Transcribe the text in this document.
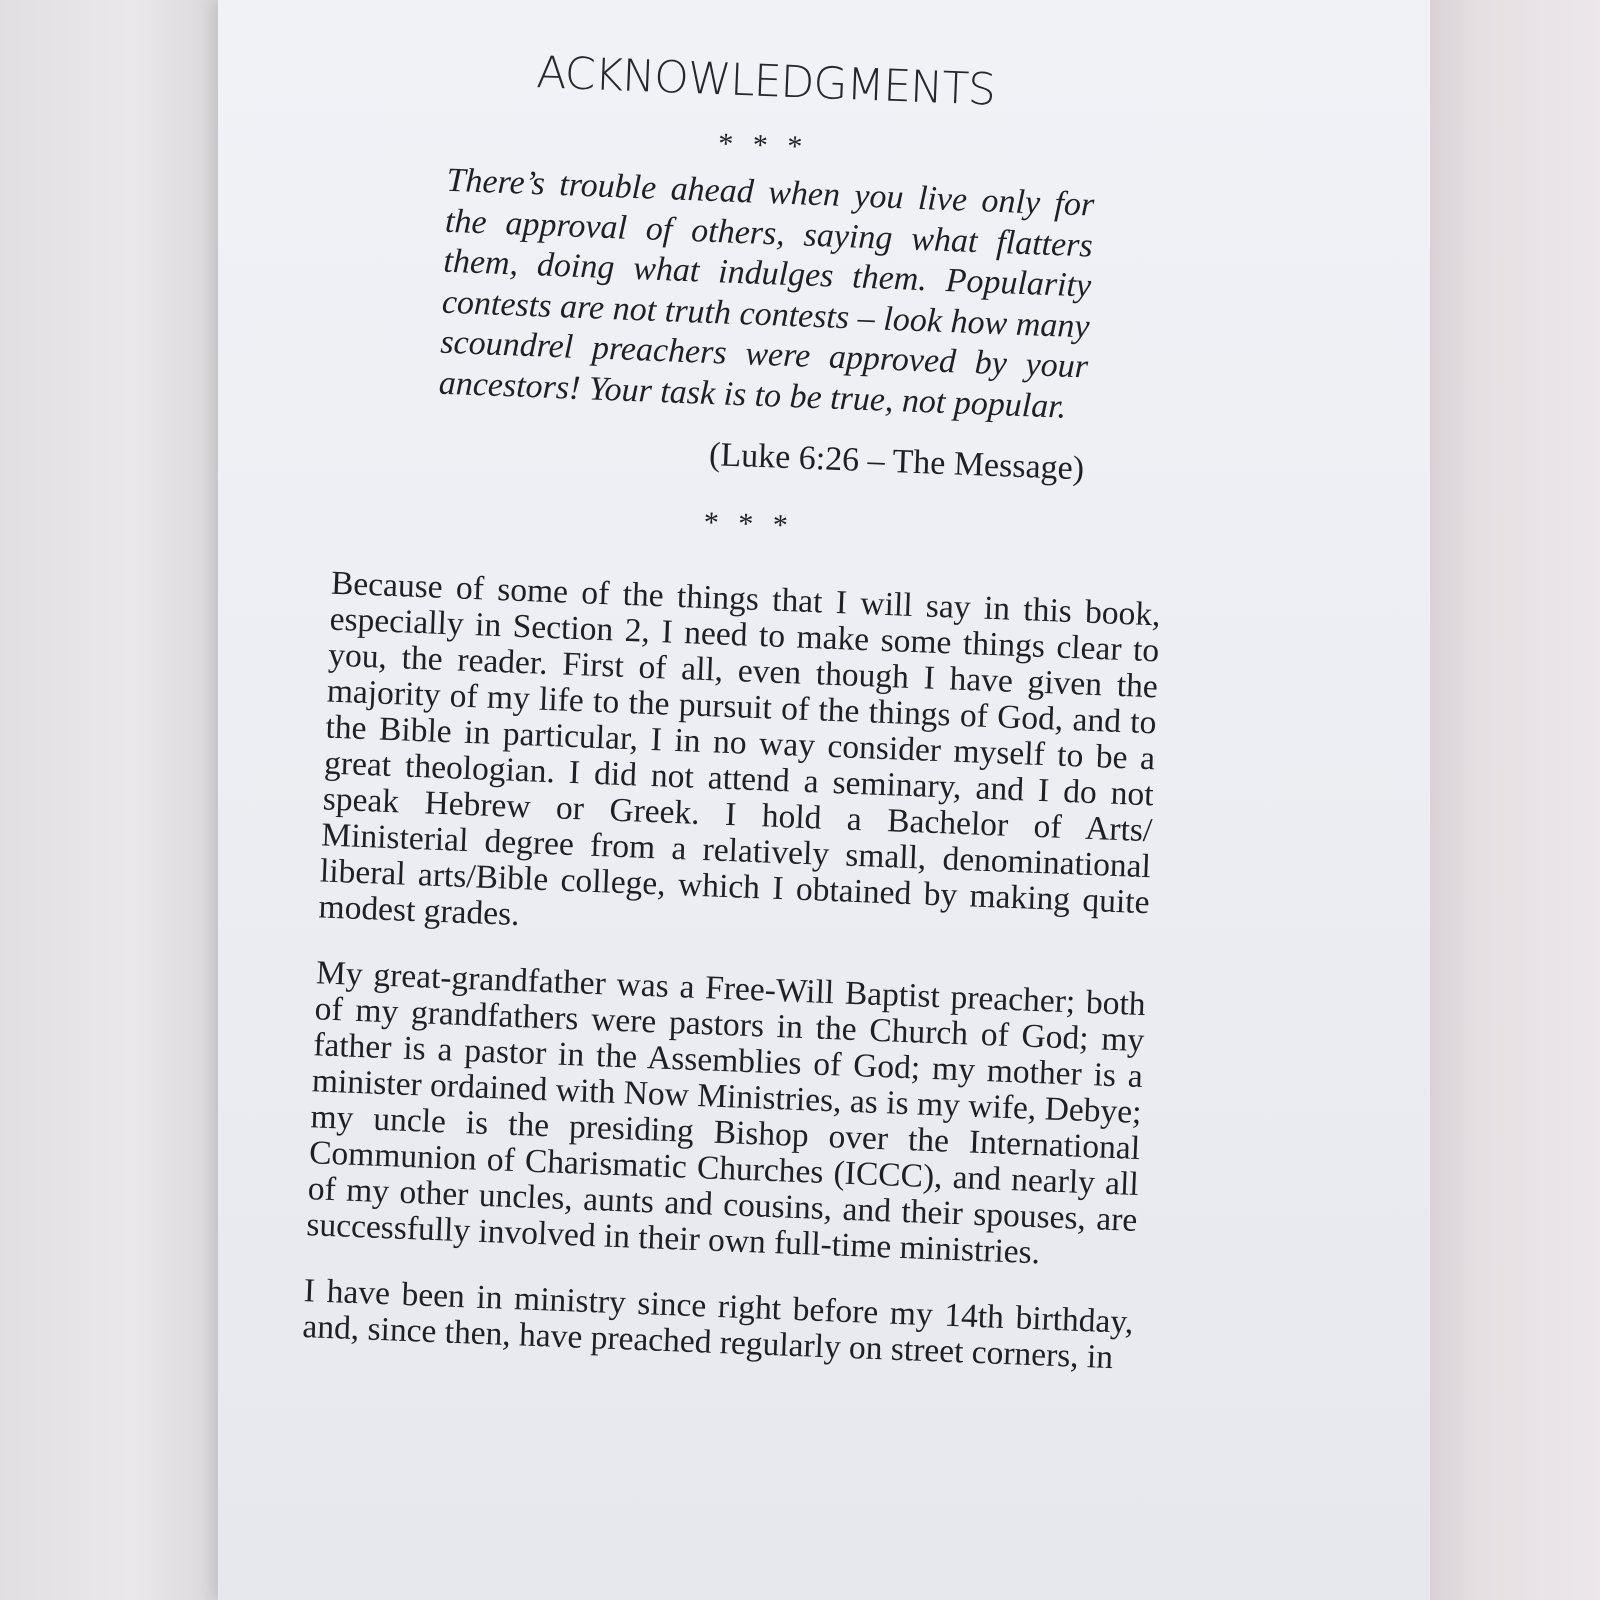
ACKNOWLEDGMENTS

* * *

There’s trouble ahead when you live only for the approval of others, saying what flatters them, doing what indulges them. Popularity contests are not truth contests – look how many scoundrel preachers were approved by your ancestors! Your task is to be true, not popular.

(Luke 6:26 – The Message)

* * *

Because of some of the things that I will say in this book, especially in Section 2, I need to make some things clear to you, the reader. First of all, even though I have given the majority of my life to the pursuit of the things of God, and to the Bible in particular, I in no way consider myself to be a great theologian. I did not attend a seminary, and I do not speak Hebrew or Greek. I hold a Bachelor of Arts/ Ministerial degree from a relatively small, denominational liberal arts/Bible college, which I obtained by making quite modest grades.

My great-grandfather was a Free-Will Baptist preacher; both of my grandfathers were pastors in the Church of God; my father is a pastor in the Assemblies of God; my mother is a minister ordained with Now Ministries, as is my wife, Debye; my uncle is the presiding Bishop over the International Communion of Charismatic Churches (ICCC), and nearly all of my other uncles, aunts and cousins, and their spouses, are successfully involved in their own full-time ministries.

I have been in ministry since right before my 14th birthday, and, since then, have preached regularly on street corners, in
